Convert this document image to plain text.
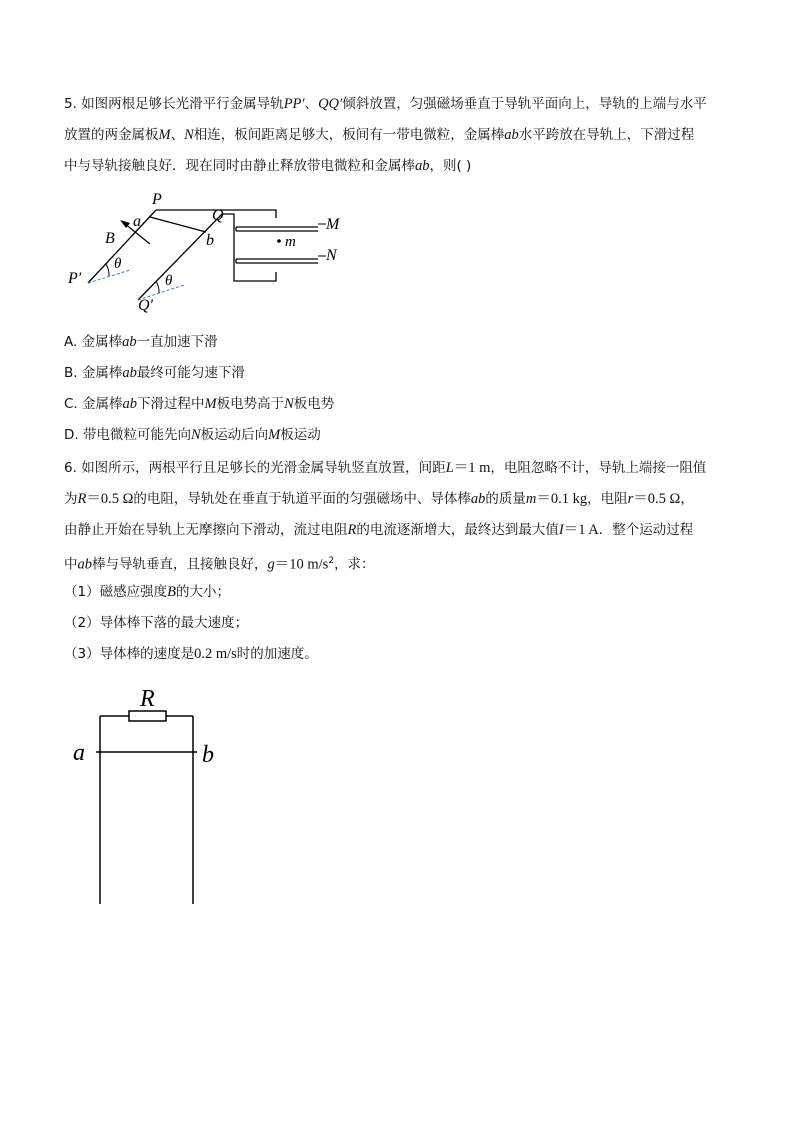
5. 如图两根足够长光滑平行金属导轨PP′、QQ′倾斜放置，匀强磁场垂直于导轨平面向上，导轨的上端与水平
放置的两金属板M、N相连，板间距离足够大，板间有一带电微粒，金属棒ab水平跨放在导轨上，下滑过程
中与导轨接触良好．现在同时由静止释放带电微粒和金属棒ab，则( )
P
Q
a
b
M
N
m
B
θ
θ
P′
Q′
A. 金属棒ab一直加速下滑
B. 金属棒ab最终可能匀速下滑
C. 金属棒ab下滑过程中M板电势高于N板电势
D. 带电微粒可能先向N板运动后向M板运动
6. 如图所示，两根平行且足够长的光滑金属导轨竖直放置，间距L＝1 m，电阻忽略不计，导轨上端接一阻值
为R＝0.5 Ω的电阻，导轨处在垂直于轨道平面的匀强磁场中、导体棒ab的质量m＝0.1 kg，电阻r＝0.5 Ω，
由静止开始在导轨上无摩擦向下滑动，流过电阻R的电流逐渐增大，最终达到最大值I＝1 A．整个运动过程
中ab棒与导轨垂直，且接触良好，g＝10 $m/s^2$，求：
（1）磁感应强度B的大小；
（2）导体棒下落的最大速度；
（3）导体棒的速度是0.2 m/s时的加速度。
R
a	b
